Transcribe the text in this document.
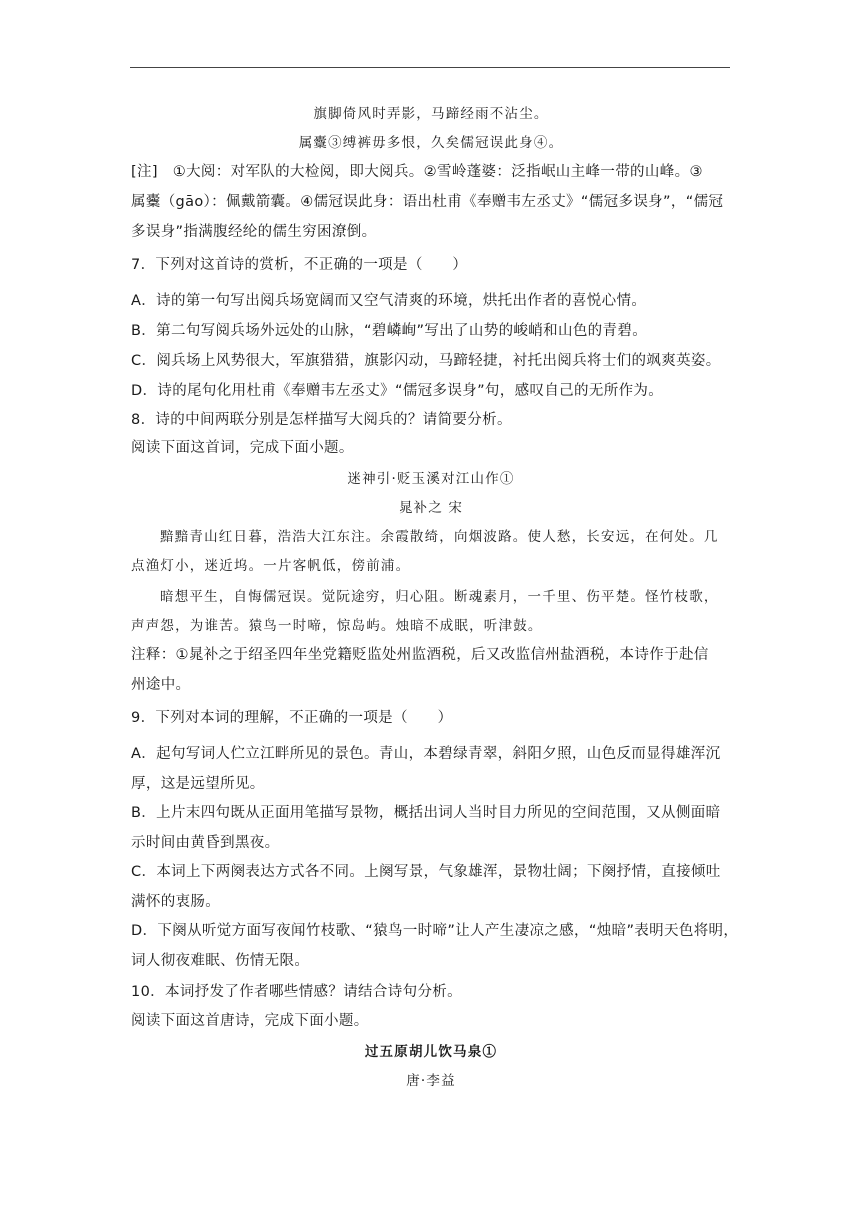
旗脚倚风时弄影，马蹄经雨不沾尘。
属櫜③缚裤毋多恨，久矣儒冠误此身④。
[注]　①大阅：对军队的大检阅，即大阅兵。②雪岭蓬婆：泛指岷山主峰一带的山峰。③
属櫜（gāo）：佩戴箭囊。④儒冠误此身：语出杜甫《奉赠韦左丞丈》“儒冠多误身”，“儒冠
多误身”指满腹经纶的儒生穷困潦倒。
7．下列对这首诗的赏析，不正确的一项是（　　）
A．诗的第一句写出阅兵场宽阔而又空气清爽的环境，烘托出作者的喜悦心情。
B．第二句写阅兵场外远处的山脉，“碧嶙峋”写出了山势的峻峭和山色的青碧。
C．阅兵场上风势很大，军旗猎猎，旗影闪动，马蹄轻捷，衬托出阅兵将士们的飒爽英姿。
D．诗的尾句化用杜甫《奉赠韦左丞丈》“儒冠多误身”句，感叹自己的无所作为。
8．诗的中间两联分别是怎样描写大阅兵的？请简要分析。
阅读下面这首词，完成下面小题。
迷神引·贬玉溪对江山作①
晁补之 宋
黯黯青山红日暮，浩浩大江东注。余霞散绮，向烟波路。使人愁，长安远，在何处。几
点渔灯小，迷近坞。一片客帆低，傍前浦。
暗想平生，自悔儒冠误。觉阮途穷，归心阻。断魂素月，一千里、伤平楚。怪竹枝歌，
声声怨，为谁苦。猿鸟一时啼，惊岛屿。烛暗不成眠，听津鼓。
注释：①晁补之于绍圣四年坐党籍贬监处州监酒税，后又改监信州盐酒税，本诗作于赴信
州途中。
9．下列对本词的理解，不正确的一项是（　　）
A．起句写词人伫立江畔所见的景色。青山，本碧绿青翠，斜阳夕照，山色反而显得雄浑沉
厚，这是远望所见。
B．上片末四句既从正面用笔描写景物，概括出词人当时目力所见的空间范围，又从侧面暗
示时间由黄昏到黑夜。
C．本词上下两阕表达方式各不同。上阕写景，气象雄浑，景物壮阔；下阕抒情，直接倾吐
满怀的衷肠。
D．下阕从听觉方面写夜闻竹枝歌、“猿鸟一时啼”让人产生凄凉之感，“烛暗”表明天色将明，
词人彻夜难眠、伤情无限。
10．本词抒发了作者哪些情感？请结合诗句分析。
阅读下面这首唐诗，完成下面小题。
过五原胡儿饮马泉①
唐·李益
